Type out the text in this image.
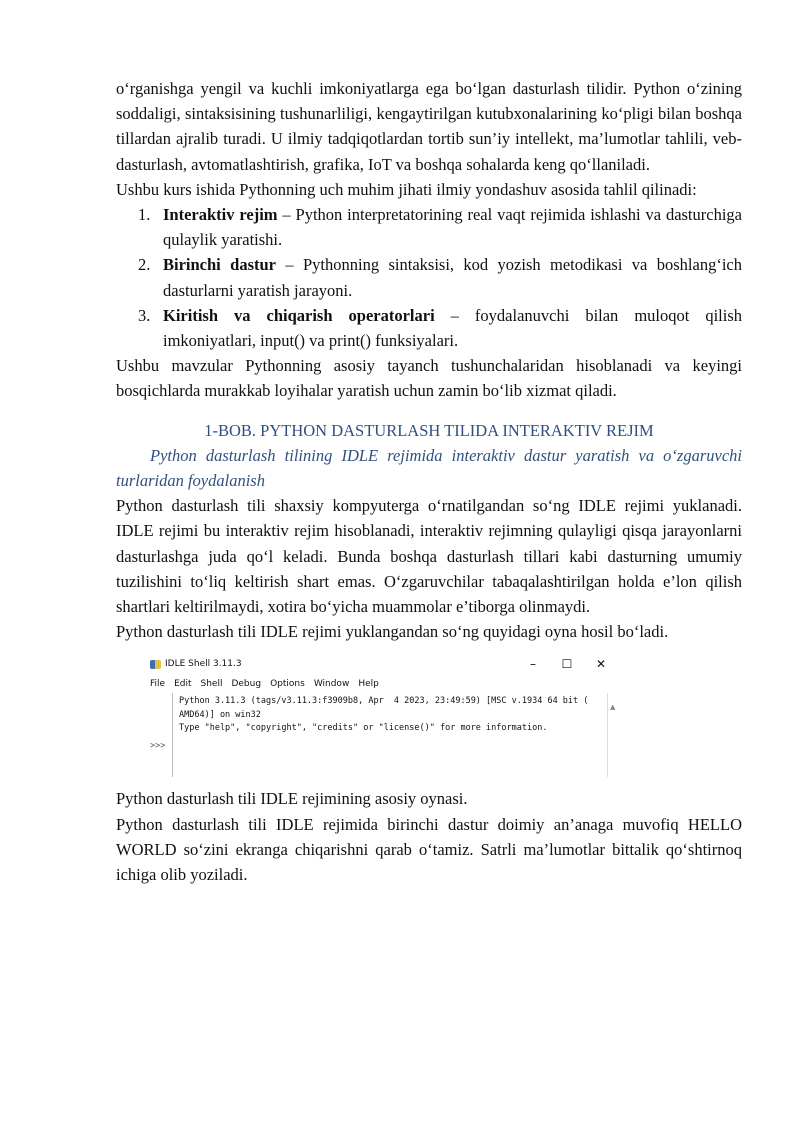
o‘rganishga yengil va kuchli imkoniyatlarga ega bo‘lgan dasturlash tilidir. Python o‘zining soddaligi, sintaksisining tushunarliligi, kengaytirilgan kutubxonalarining ko‘pligi bilan boshqa tillardan ajralib turadi. U ilmiy tadqiqotlardan tortib sun’iy intellekt, ma’lumotlar tahlili, veb-dasturlash, avtomatlashtirish, grafika, IoT va boshqa sohalarda keng qo‘llaniladi.

Ushbu kurs ishida Pythonning uch muhim jihati ilmiy yondashuv asosida tahlil qilinadi:

1. Interaktiv rejim – Python interpretatorining real vaqt rejimida ishlashi va dasturchiga qulaylik yaratishi.
2. Birinchi dastur – Pythonning sintaksisi, kod yozish metodikasi va boshlang‘ich dasturlarni yaratish jarayoni.
3. Kiritish va chiqarish operatorlari – foydalanuvchi bilan muloqot qilish imkoniyatlari, input() va print() funksiyalari.

Ushbu mavzular Pythonning asosiy tayanch tushunchalaridan hisoblanadi va keyingi bosqichlarda murakkab loyihalar yaratish uchun zamin bo‘lib xizmat qiladi.

1-BOB. PYTHON DASTURLASH TILIDA INTERAKTIV REJIM

Python dasturlash tilining IDLE rejimida interaktiv dastur yaratish va o‘zgaruvchi turlaridan foydalanish

Python dasturlash tili shaxsiy kompyuterga o‘rnatilgandan so‘ng IDLE rejimi yuklanadi. IDLE rejimi bu interaktiv rejim hisoblanadi, interaktiv rejimning qulayligi qisqa jarayonlarni dasturlashga juda qo‘l keladi. Bunda boshqa dasturlash tillari kabi dasturning umumiy tuzilishini to‘liq keltirish shart emas. O‘zgaruvchilar tabaqalashtirilgan holda e’lon qilish shartlari keltirilmaydi, xotira bo‘yicha muammolar e’tiborga olinmaydi.

Python dasturlash tili IDLE rejimi yuklangandan so‘ng quyidagi oyna hosil bo‘ladi.

IDLE Shell 3.11.3	–	☐	✕
File Edit Shell Debug Options Window Help
>>>
Python 3.11.3 (tags/v3.11.3:f3909b8, Apr  4 2023, 23:49:59) [MSC v.1934 64 bit (
AMD64)] on win32
Type "help", "copyright", "credits" or "license()" for more information.
▲

Python dasturlash tili IDLE rejimining asosiy oynasi.

Python dasturlash tili IDLE rejimida birinchi dastur doimiy an’anaga muvofiq HELLO WORLD so‘zini ekranga chiqarishni qarab o‘tamiz. Satrli ma’lumotlar bittalik qo‘shtirnoq ichiga olib yoziladi.
